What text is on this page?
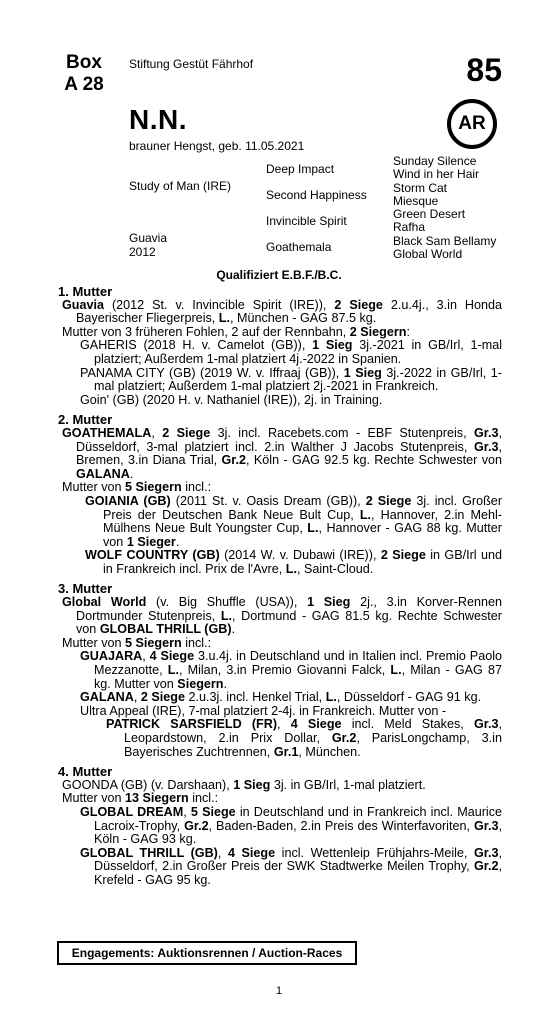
Box
A 28
Stiftung Gestüt Fährhof	85
N.N.	AR
brauner Hengst, geb. 11.05.2021
Study of Man (IRE)
Deep Impact
Second Happiness
Guavia
2012
Invincible Spirit
Goathemala
Sunday Silence
Wind in her Hair
Storm Cat
Miesque
Green Desert
Rafha
Black Sam Bellamy
Global World
Qualifiziert E.B.F./B.C.
1. Mutter
Guavia (2012 St. v. Invincible Spirit (IRE)), 2 Siege 2.u.4j., 3.in Honda Bayerischer Fliegerpreis, L., München - GAG 87.5 kg.
Mutter von 3 früheren Fohlen, 2 auf der Rennbahn, 2 Siegern:
GAHERIS (2018 H. v. Camelot (GB)), 1 Sieg 3j.-2021 in GB/Irl, 1-mal platziert; Außerdem 1-mal platziert 4j.-2022 in Spanien.
PANAMA CITY (GB) (2019 W. v. Iffraaj (GB)), 1 Sieg 3j.-2022 in GB/Irl, 1-mal platziert; Außerdem 1-mal platziert 2j.-2021 in Frankreich.
Goin' (GB) (2020 H. v. Nathaniel (IRE)), 2j. in Training.
2. Mutter
GOATHEMALA, 2 Siege 3j. incl. Racebets.com - EBF Stutenpreis, Gr.3, Düsseldorf, 3-mal platziert incl. 2.in Walther J Jacobs Stutenpreis, Gr.3, Bremen, 3.in Diana Trial, Gr.2, Köln - GAG 92.5 kg. Rechte Schwester von GALANA.
Mutter von 5 Siegern incl.:
GOIANIA (GB) (2011 St. v. Oasis Dream (GB)), 2 Siege 3j. incl. Großer Preis der Deutschen Bank Neue Bult Cup, L., Hannover, 2.in Mehl-Mülhens Neue Bult Youngster Cup, L., Hannover - GAG 88 kg. Mutter von 1 Sieger.
WOLF COUNTRY (GB) (2014 W. v. Dubawi (IRE)), 2 Siege in GB/Irl und in Frankreich incl. Prix de l'Avre, L., Saint-Cloud.
3. Mutter
Global World (v. Big Shuffle (USA)), 1 Sieg 2j., 3.in Korver-Rennen Dortmunder Stutenpreis, L., Dortmund - GAG 81.5 kg. Rechte Schwester von GLOBAL THRILL (GB).
Mutter von 5 Siegern incl.:
GUAJARA, 4 Siege 3.u.4j. in Deutschland und in Italien incl. Premio Paolo Mezzanotte, L., Milan, 3.in Premio Giovanni Falck, L., Milan - GAG 87 kg. Mutter von Siegern.
GALANA, 2 Siege 2.u.3j. incl. Henkel Trial, L., Düsseldorf - GAG 91 kg.
Ultra Appeal (IRE), 7-mal platziert 2-4j. in Frankreich. Mutter von -
PATRICK SARSFIELD (FR), 4 Siege incl. Meld Stakes, Gr.3, Leopardstown, 2.in Prix Dollar, Gr.2, ParisLongchamp, 3.in Bayerisches Zuchtrennen, Gr.1, München.
4. Mutter
GOONDA (GB) (v. Darshaan), 1 Sieg 3j. in GB/Irl, 1-mal platziert.
Mutter von 13 Siegern incl.:
GLOBAL DREAM, 5 Siege in Deutschland und in Frankreich incl. Maurice Lacroix-Trophy, Gr.2, Baden-Baden, 2.in Preis des Winterfavoriten, Gr.3, Köln - GAG 93 kg.
GLOBAL THRILL (GB), 4 Siege incl. Wettenleip Frühjahrs-Meile, Gr.3, Düsseldorf, 2.in Großer Preis der SWK Stadtwerke Meilen Trophy, Gr.2, Krefeld - GAG 95 kg.
Engagements: Auktionsrennen / Auction-Races
1
